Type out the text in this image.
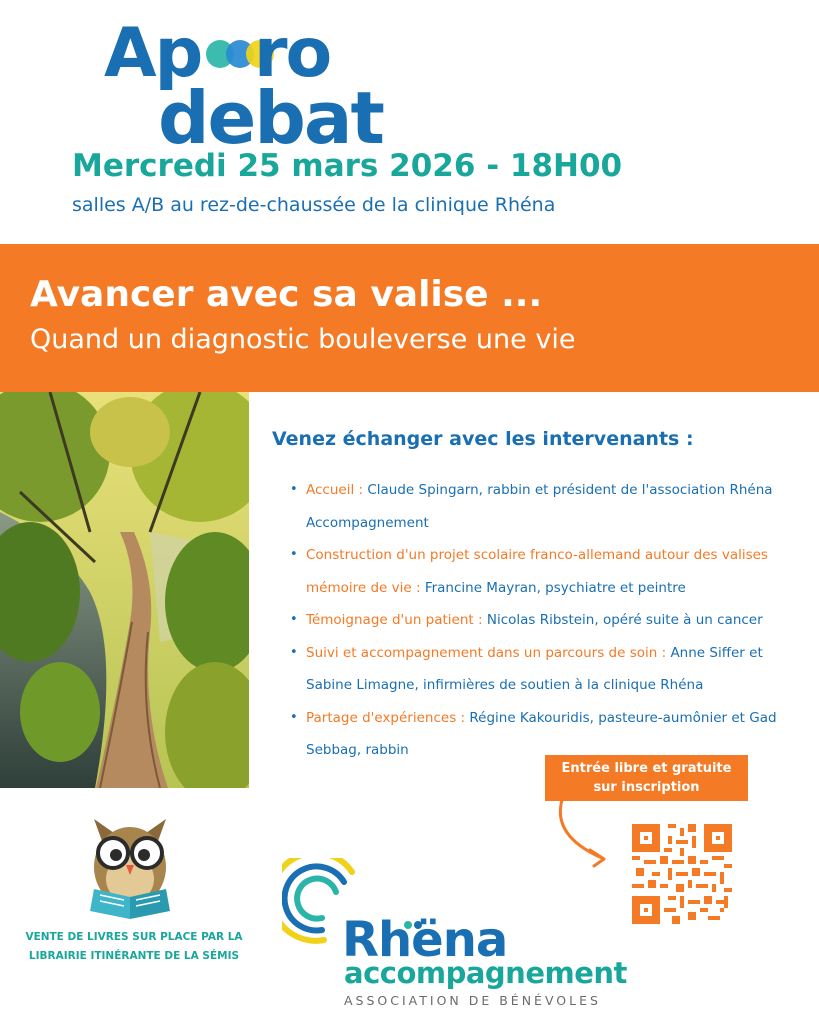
Ap ro
debat
Mercredi 25 mars 2026 - 18H00
salles A/B au rez-de-chaussée de la clinique Rhéna
Avancer avec sa valise ...
Quand un diagnostic bouleverse une vie
Venez échanger avec les intervenants :
• Accueil : Claude Spingarn, rabbin et président de l'association Rhéna Accompagnement
• Construction d'un projet scolaire franco-allemand autour des valises mémoire de vie : Francine Mayran, psychiatre et peintre
• Témoignage d'un patient : Nicolas Ribstein, opéré suite à un cancer
• Suivi et accompagnement dans un parcours de soin : Anne Siffer et Sabine Limagne, infirmières de soutien à la clinique Rhéna
• Partage d'expériences : Régine Kakouridis, pasteure-aumônier et Gad Sebbag, rabbin
Entrée libre et gratuite
sur inscription
VENTE DE LIVRES SUR PLACE PAR LA
LIBRAIRIE ITINÉRANTE DE LA SÉMIS Rhëna
accompagnement
ASSOCIATION DE BÉNÉVOLES
